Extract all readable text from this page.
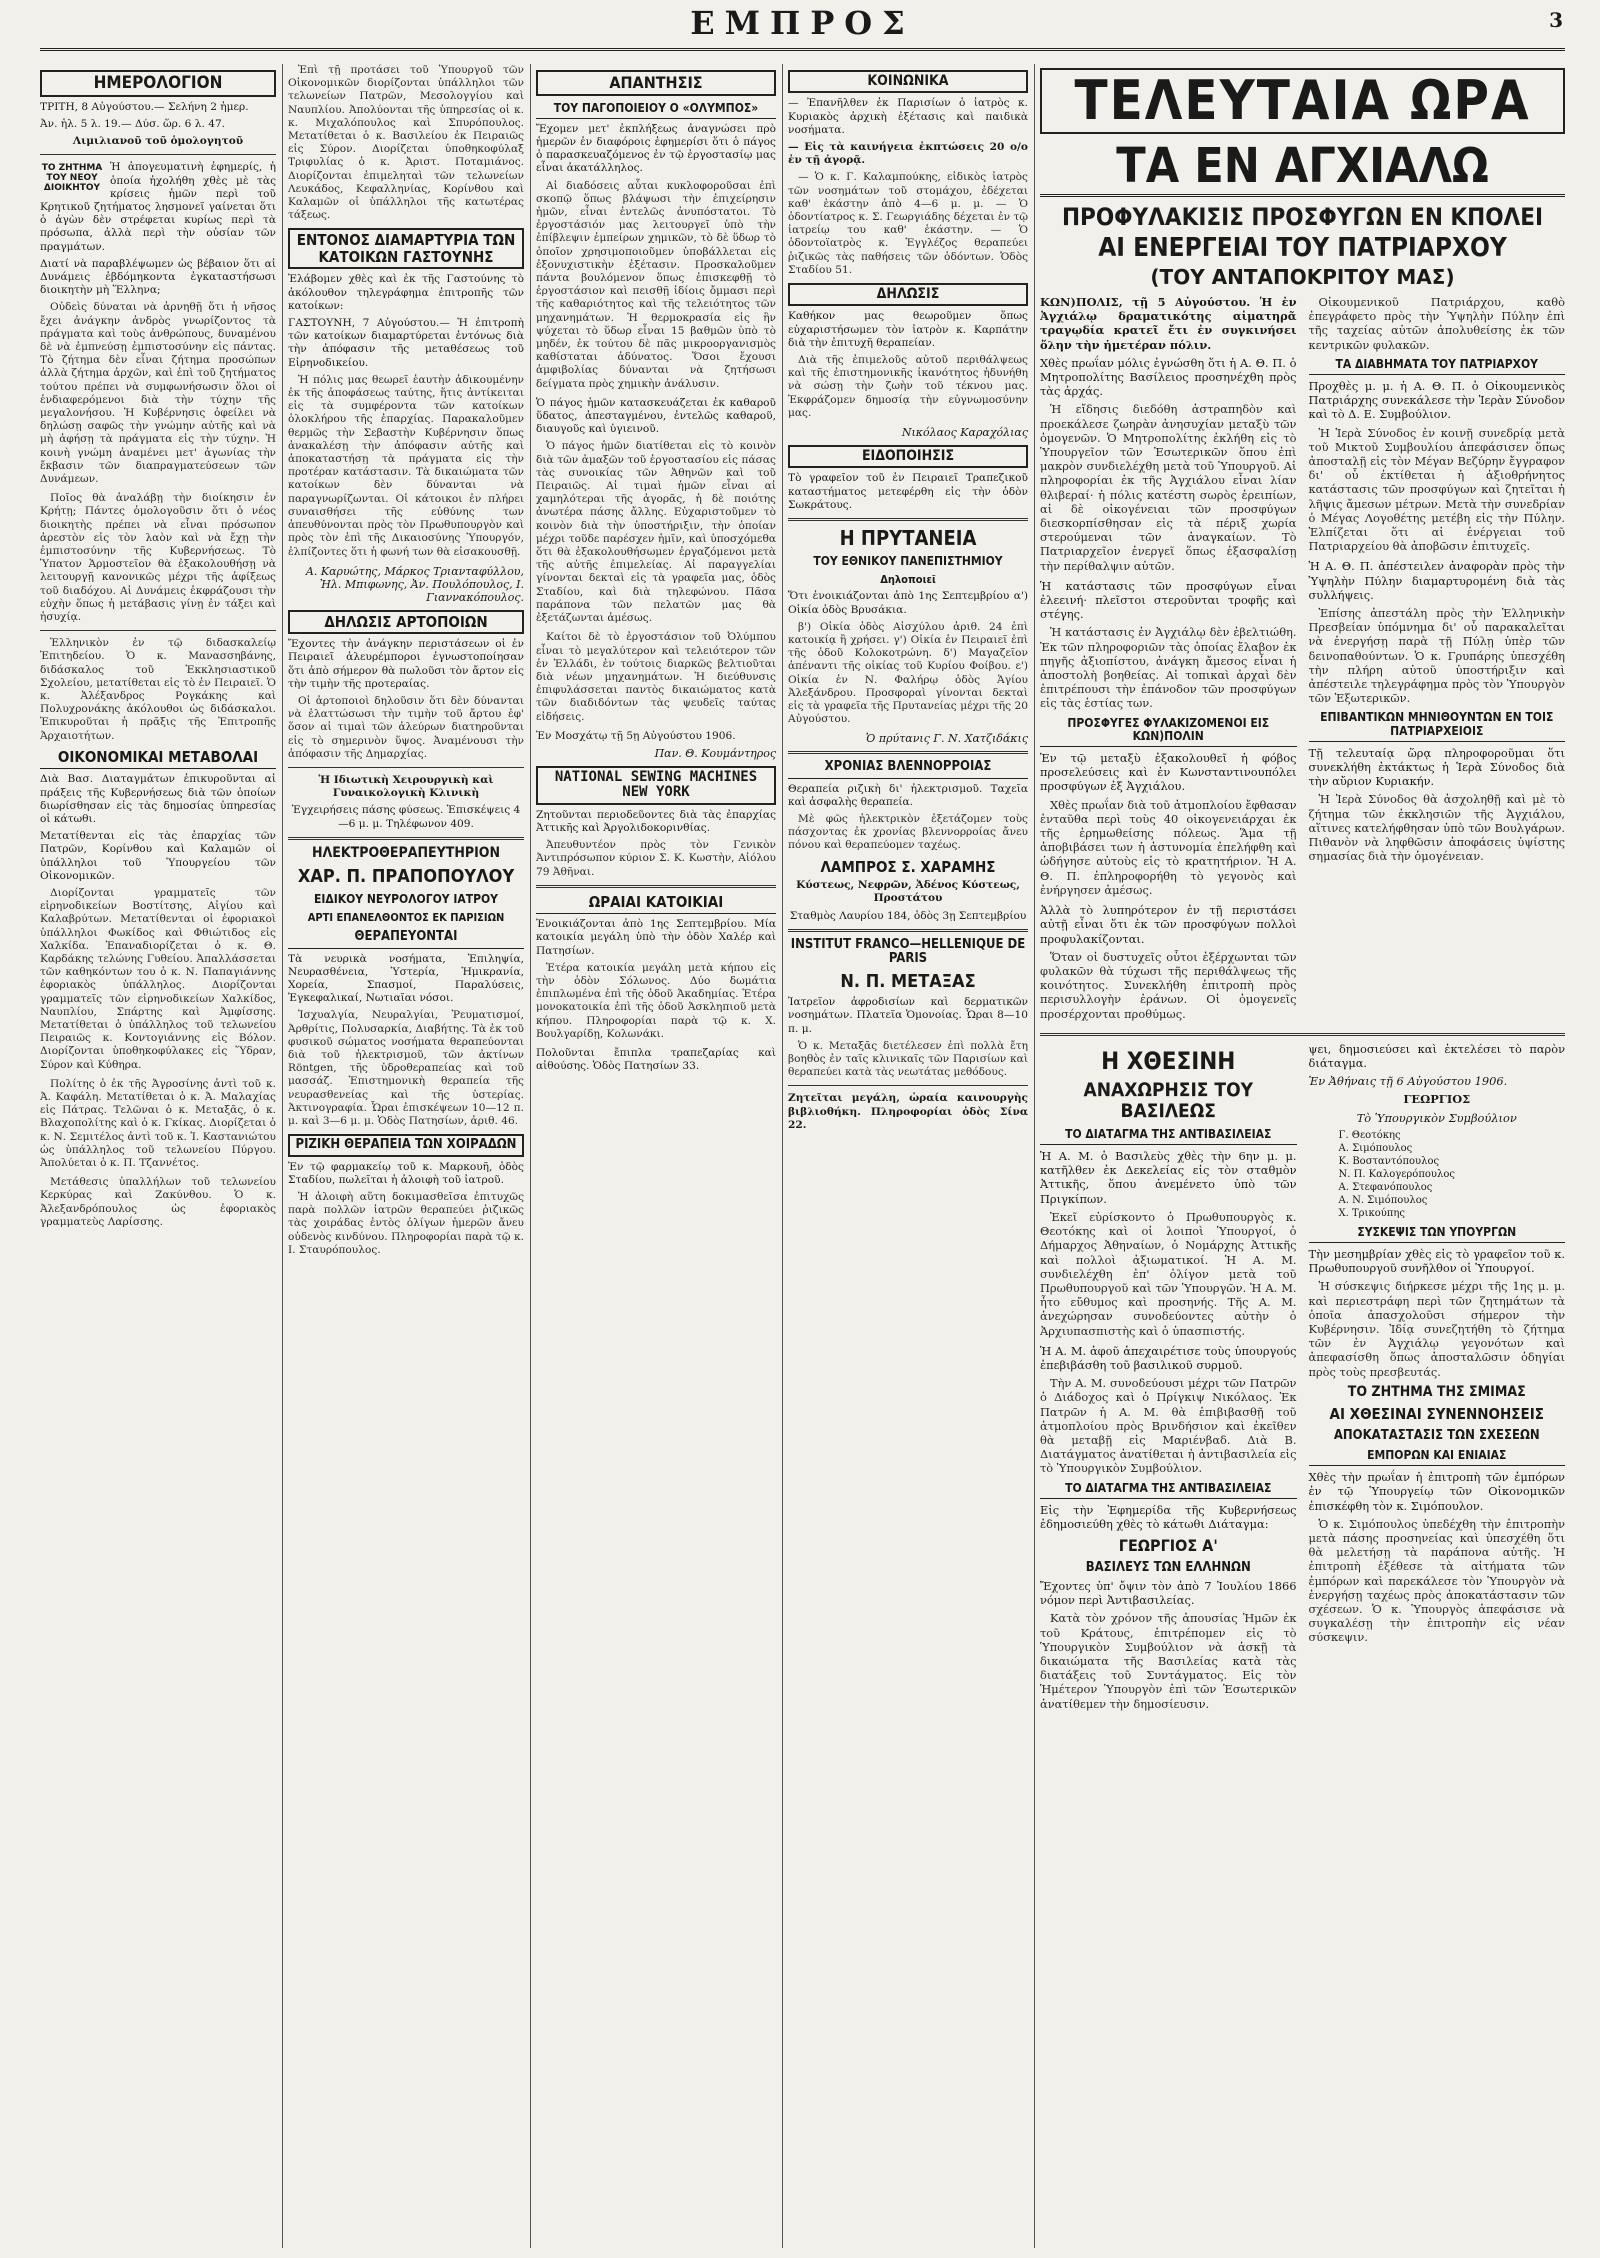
ΕΜΠΡΟΣ	3
ΗΜΕΡΟΛΟΓΙΟΝ

ΤΡΙΤΗ, 8 Αὐγούστου.— Σελήνη 2 ἡμερ.

Ἀν. ἡλ. 5 λ. 19.— Δύσ. ὥρ. 6 λ. 47.

Λιμιλιανοῦ τοῦ ὁμολογητοῦ

ΤΟ ΖΗΤΗΜΑ ΤΟΥ ΝΕΟΥ ΔΙΟΙΚΗΤΟΥ

Ἡ ἀπογευματινὴ ἐφημερίς, ἡ ὁποία ἠχολήθη χθὲς μὲ τὰς κρίσεις ἡμῶν περὶ τοῦ Κρητικοῦ ζητήματος λησμονεῖ γαίνεται ὅτι ὁ ἀγὼν δὲν στρέφεται κυρίως περὶ τὰ πρόσωπα, ἀλλὰ περὶ τὴν οὐσίαν τῶν πραγμάτων.

Διατί νὰ παραβλέψωμεν ὡς βέβαιον ὅτι αἱ Δυνάμεις ἐβδόμηκοντα ἐγκαταστήσωσι διοικητὴν μὴ Ἕλληνα;

Οὐδεὶς δύναται νὰ ἀρνηθῇ ὅτι ἡ νῆσος ἔχει ἀνάγκην ἀνδρὸς γνωρίζοντος τὰ πράγματα καὶ τοὺς ἀνθρώπους, δυναμένου δὲ νὰ ἐμπνεύσῃ ἐμπιστοσύνην εἰς πάντας. Τὸ ζήτημα δὲν εἶναι ζήτημα προσώπων ἀλλὰ ζήτημα ἀρχῶν, καὶ ἐπὶ τοῦ ζητήματος τούτου πρέπει νὰ συμφωνήσωσιν ὅλοι οἱ ἐνδιαφερόμενοι διὰ τὴν τύχην τῆς μεγαλονήσου. Ἡ Κυβέρνησις ὀφείλει νὰ δηλώσῃ σαφῶς τὴν γνώμην αὐτῆς καὶ νὰ μὴ ἀφήσῃ τὰ πράγματα εἰς τὴν τύχην. Ἡ κοινὴ γνώμη ἀναμένει μετ' ἀγωνίας τὴν ἔκβασιν τῶν διαπραγματεύσεων τῶν Δυνάμεων.

Ποῖος θὰ ἀναλάβῃ τὴν διοίκησιν ἐν Κρήτῃ; Πάντες ὁμολογοῦσιν ὅτι ὁ νέος διοικητὴς πρέπει νὰ εἶναι πρόσωπον ἀρεστὸν εἰς τὸν λαὸν καὶ νὰ ἔχῃ τὴν ἐμπιστοσύνην τῆς Κυβερνήσεως. Τὸ Ὑπατον Ἁρμοστεῖον θὰ ἐξακολουθήσῃ νὰ λειτουργῇ κανονικῶς μέχρι τῆς ἀφίξεως τοῦ διαδόχου. Αἱ Δυνάμεις ἐκφράζουσι τὴν εὐχὴν ὅπως ἡ μετάβασις γίνῃ ἐν τάξει καὶ ἡσυχίᾳ.

Ἐλληνικὸν ἐν τῷ διδασκαλείῳ Ἐπιτηδείου. Ὁ κ. Μανασσηβάνης, διδάσκαλος τοῦ Ἐκκλησιαστικοῦ Σχολείου, μετατίθεται εἰς τὸ ἐν Πειραιεῖ. Ὁ κ. Ἀλέξανδρος Ρογκάκης καὶ Πολυχρονάκης ἀκόλουθοι ὡς διδάσκαλοι. Ἐπικυροῦται ἡ πρᾶξις τῆς Ἐπιτροπῆς Ἀρχαιοτήτων.

ΟΙΚΟΝΟΜΙΚΑΙ ΜΕΤΑΒΟΛΑΙ

Διὰ Βασ. Διαταγμάτων ἐπικυροῦνται αἱ πράξεις τῆς Κυβερνήσεως διὰ τῶν ὁποίων διωρίσθησαν εἰς τὰς δημοσίας ὑπηρεσίας οἱ κάτωθι.

Μετατίθενται εἰς τὰς ἐπαρχίας τῶν Πατρῶν, Κορίνθου καὶ Καλαμῶν οἱ ὑπάλληλοι τοῦ Ὑπουργείου τῶν Οἰκονομικῶν.

Διορίζονται γραμματεῖς τῶν εἰρηνοδικείων Βοστίτσης, Αἰγίου καὶ Καλαβρύτων. Μετατίθενται οἱ ἐφοριακοὶ ὑπάλληλοι Φωκίδος καὶ Φθιώτιδος εἰς Χαλκίδα. Ἐπαναδιορίζεται ὁ κ. Θ. Καρδάκης τελώνης Γυθείου. Ἀπαλλάσσεται τῶν καθηκόντων του ὁ κ. Ν. Παπαγιάννης ἐφοριακὸς ὑπάλληλος. Διορίζονται γραμματεῖς τῶν εἰρηνοδικείων Χαλκίδος, Ναυπλίου, Σπάρτης καὶ Ἀμφίσσης. Μετατίθεται ὁ ὑπάλληλος τοῦ τελωνείου Πειραιῶς κ. Κοντογιάννης εἰς Βόλον. Διορίζονται ὑποθηκοφύλακες εἰς Ὕδραν, Σύρον καὶ Κύθηρα.

Πολίτης ὁ ἐκ τῆς Ἀγροσίνης ἀντὶ τοῦ κ. Ἀ. Καφάλη. Μετατίθεται ὁ κ. Ἀ. Μαλαχίας εἰς Πάτρας. Τελῶναι ὁ κ. Μεταξᾶς, ὁ κ. Βλαχοπολίτης καὶ ὁ κ. Γκίκας. Διορίζεται ὁ κ. Ν. Σεμιτέλος ἀντὶ τοῦ κ. Ἰ. Καστανιώτου ὡς ὑπάλληλος τοῦ τελωνείου Πύργου. Ἀπολύεται ὁ κ. Π. Τζαννέτος.

Μετάθεσις ὑπαλλήλων τοῦ τελωνείου Κερκύρας καὶ Ζακύνθου. Ὁ κ. Ἀλεξανδρόπουλος ὡς ἐφοριακὸς γραμματεὺς Λαρίσσης.

Ἐπὶ τῇ προτάσει τοῦ Ὑπουργοῦ τῶν Οἰκονομικῶν διορίζονται ὑπάλληλοι τῶν τελωνείων Πατρῶν, Μεσολογγίου καὶ Ναυπλίου. Ἀπολύονται τῆς ὑπηρεσίας οἱ κ. κ. Μιχαλόπουλος καὶ Σπυρόπουλος. Μετατίθεται ὁ κ. Βασιλείου ἐκ Πειραιῶς εἰς Σύρον. Διορίζεται ὑποθηκοφύλαξ Τριφυλίας ὁ κ. Ἀριστ. Ποταμιάνος. Διορίζονται ἐπιμεληταὶ τῶν τελωνείων Λευκάδος, Κεφαλληνίας, Κορίνθου καὶ Καλαμῶν οἱ ὑπάλληλοι τῆς κατωτέρας τάξεως.

ΕΝΤΟΝΟΣ ΔΙΑΜΑΡΤΥΡΙΑ ΤΩΝ ΚΑΤΟΙΚΩΝ ΓΑΣΤΟΥΝΗΣ

Ἐλάβομεν χθὲς καὶ ἐκ τῆς Γαστούνης τὸ ἀκόλουθον τηλεγράφημα ἐπιτροπῆς τῶν κατοίκων:

ΓΑΣΤΟΥΝΗ, 7 Αὐγούστου.— Ἡ ἐπιτροπὴ τῶν κατοίκων διαμαρτύρεται ἐντόνως διὰ τὴν ἀπόφασιν τῆς μεταθέσεως τοῦ Εἰρηνοδικείου.

Ἡ πόλις μας θεωρεῖ ἑαυτὴν ἀδικουμένην ἐκ τῆς ἀποφάσεως ταύτης, ἥτις ἀντίκειται εἰς τὰ συμφέροντα τῶν κατοίκων ὁλοκλήρου τῆς ἐπαρχίας. Παρακαλοῦμεν θερμῶς τὴν Σεβαστὴν Κυβέρνησιν ὅπως ἀνακαλέσῃ τὴν ἀπόφασιν αὐτῆς καὶ ἀποκαταστήσῃ τὰ πράγματα εἰς τὴν προτέραν κατάστασιν. Τὰ δικαιώματα τῶν κατοίκων δὲν δύνανται νὰ παραγνωρίζωνται. Οἱ κάτοικοι ἐν πλήρει συναισθήσει τῆς εὐθύνης των ἀπευθύνονται πρὸς τὸν Πρωθυπουργὸν καὶ πρὸς τὸν ἐπὶ τῆς Δικαιοσύνης Ὑπουργόν, ἐλπίζοντες ὅτι ἡ φωνή των θὰ εἰσακουσθῇ.

Α. Καρυώτης, Μάρκος Τριανταφύλλου, Ἠλ. Μπιφωνης, Ἀν. Πουλόπουλος, Ι. Γιαννακόπουλος.

ΔΗΛΩΣΙΣ ΑΡΤΟΠΟΙΩΝ

Ἔχοντες τὴν ἀνάγκην περιστάσεων οἱ ἐν Πειραιεῖ ἀλευρέμποροι ἐγνωστοποίησαν ὅτι ἀπὸ σήμερον θὰ πωλοῦσι τὸν ἄρτον εἰς τὴν τιμὴν τῆς προτεραίας.

Οἱ ἀρτοποιοὶ δηλοῦσιν ὅτι δὲν δύνανται νὰ ἐλαττώσωσι τὴν τιμὴν τοῦ ἄρτου ἐφ' ὅσον αἱ τιμαὶ τῶν ἀλεύρων διατηροῦνται εἰς τὸ σημερινὸν ὕψος. Ἀναμένουσι τὴν ἀπόφασιν τῆς Δημαρχίας.

Ἡ Ιδιωτικὴ Χειρουργικὴ καὶ Γυναικολογικὴ Κλινικὴ

Ἐγχειρήσεις πάσης φύσεως. Ἐπισκέψεις 4—6 μ. μ. Τηλέφωνον 409.

ΗΛΕΚΤΡΟΘΕΡΑΠΕΥΤΗΡΙΟΝ
ΧΑΡ. Π. ΠΡΑΠΟΠΟΥΛΟΥ
ΕΙΔΙΚΟΥ ΝΕΥΡΟΛΟΓΟΥ ΙΑΤΡΟΥ
ΑΡΤΙ ΕΠΑΝΕΛΘΟΝΤΟΣ ΕΚ ΠΑΡΙΣΙΩΝ
ΘΕΡΑΠΕΥΟΝΤΑΙ

Τὰ νευρικὰ νοσήματα, Ἐπιληψία, Νευρασθένεια, Ὑστερία, Ἡμικρανία, Χορεία, Σπασμοί, Παραλύσεις, Ἐγκεφαλικαί, Νωτιαῖαι νόσοι.

Ἰσχυαλγία, Νευραλγίαι, Ῥευματισμοί, Ἀρθρίτις, Πολυσαρκία, Διαβήτης. Τὰ ἐκ τοῦ φυσικοῦ σώματος νοσήματα θεραπεύονται διὰ τοῦ ἠλεκτρισμοῦ, τῶν ἀκτίνων Röntgen, τῆς ὑδροθεραπείας καὶ τοῦ μασσάζ. Ἐπιστημονικὴ θεραπεία τῆς νευρασθενείας καὶ τῆς ὑστερίας. Ἀκτινογραφία. Ὧραι ἐπισκέψεων 10—12 π. μ. καὶ 3—6 μ. μ. Ὁδὸς Πατησίων, ἀριθ. 46.

ΡΙΖΙΚΗ ΘΕΡΑΠΕΙΑ ΤΩΝ ΧΟΙΡΑΔΩΝ

Ἐν τῷ φαρμακείῳ τοῦ κ. Μαρκουῆ, ὁδὸς Σταδίου, πωλεῖται ἡ ἀλοιφὴ τοῦ ἰατροῦ.

Ἡ ἀλοιφὴ αὕτη δοκιμασθεῖσα ἐπιτυχῶς παρὰ πολλῶν ἰατρῶν θεραπεύει ῥιζικῶς τὰς χοιράδας ἐντὸς ὀλίγων ἡμερῶν ἄνευ οὐδενὸς κινδύνου. Πληροφορίαι παρὰ τῷ κ. Ι. Σταυρόπουλος.

ΑΠΑΝΤΗΣΙΣ
ΤΟΥ ΠΑΓΟΠΟΙΕΙΟΥ Ο «ΟΛΥΜΠΟΣ»

Ἔχομεν μετ' ἐκπλήξεως ἀναγνώσει πρὸ ἡμερῶν ἐν διαφόροις ἐφημερίσι ὅτι ὁ πάγος ὁ παρασκευαζόμενος ἐν τῷ ἐργοστασίῳ μας εἶναι ἀκατάλληλος.

Αἱ διαδόσεις αὗται κυκλοφοροῦσαι ἐπὶ σκοπῷ ὅπως βλάψωσι τὴν ἐπιχείρησιν ἡμῶν, εἶναι ἐντελῶς ἀνυπόστατοι. Τὸ ἐργοστάσιόν μας λειτουργεῖ ὑπὸ τὴν ἐπίβλεψιν ἐμπείρων χημικῶν, τὸ δὲ ὕδωρ τὸ ὁποῖον χρησιμοποιοῦμεν ὑποβάλλεται εἰς ἐξονυχιστικὴν ἐξέτασιν. Προσκαλοῦμεν πάντα βουλόμενον ὅπως ἐπισκεφθῇ τὸ ἐργοστάσιον καὶ πεισθῇ ἰδίοις ὄμμασι περὶ τῆς καθαριότητος καὶ τῆς τελειότητος τῶν μηχανημάτων. Ἡ θερμοκρασία εἰς ἣν ψύχεται τὸ ὕδωρ εἶναι 15 βαθμῶν ὑπὸ τὸ μηδέν, ἐκ τούτου δὲ πᾶς μικροοργανισμὸς καθίσταται ἀδύνατος. Ὅσοι ἔχουσι ἀμφιβολίας δύνανται νὰ ζητήσωσι δείγματα πρὸς χημικὴν ἀνάλυσιν.

Ὁ πάγος ἡμῶν κατασκευάζεται ἐκ καθαροῦ ὕδατος, ἀπεσταγμένου, ἐντελῶς καθαροῦ, διαυγοῦς καὶ ὑγιεινοῦ.

Ὁ πάγος ἡμῶν διατίθεται εἰς τὸ κοινὸν διὰ τῶν ἁμαξῶν τοῦ ἐργοστασίου εἰς πάσας τὰς συνοικίας τῶν Ἀθηνῶν καὶ τοῦ Πειραιῶς. Αἱ τιμαὶ ἡμῶν εἶναι αἱ χαμηλότεραι τῆς ἀγορᾶς, ἡ δὲ ποιότης ἀνωτέρα πάσης ἄλλης. Εὐχαριστοῦμεν τὸ κοινὸν διὰ τὴν ὑποστήριξιν, τὴν ὁποίαν μέχρι τοῦδε παρέσχεν ἡμῖν, καὶ ὑποσχόμεθα ὅτι θὰ ἐξακολουθήσωμεν ἐργαζόμενοι μετὰ τῆς αὐτῆς ἐπιμελείας. Αἱ παραγγελίαι γίνονται δεκταὶ εἰς τὰ γραφεῖα μας, ὁδὸς Σταδίου, καὶ διὰ τηλεφώνου. Πᾶσα παράπονα τῶν πελατῶν μας θὰ ἐξετάζωνται ἀμέσως.

Καίτοι δὲ τὸ ἐργοστάσιον τοῦ Ὀλύμπου εἶναι τὸ μεγαλύτερον καὶ τελειότερον τῶν ἐν Ἑλλάδι, ἐν τούτοις διαρκῶς βελτιοῦται διὰ νέων μηχανημάτων. Ἡ διεύθυνσις ἐπιφυλάσσεται παντὸς δικαιώματος κατὰ τῶν διαδιδόντων τὰς ψευδεῖς ταύτας εἰδήσεις.

Ἐν Μοσχάτῳ τῇ 5ῃ Αὐγούστου 1906.

Παν. Θ. Κουμάντηρος

NATIONAL SEWING MACHINES NEW YORK

Ζητοῦνται περιοδεῦοντες διὰ τὰς ἐπαρχίας Ἀττικῆς καὶ Ἀργολιδοκορινθίας.

Ἀπευθυντέον πρὸς τὸν Γενικὸν Ἀντιπρόσωπον κύριον Σ. Κ. Κωστὴν, Αἰόλου 79 Ἀθῆναι.

ΩΡΑΙΑΙ ΚΑΤΟΙΚΙΑΙ

Ἐνοικιάζονται ἀπὸ 1ης Σεπτεμβρίου. Μία κατοικία μεγάλη ὑπὸ τὴν ὁδὸν Χαλέρ καὶ Πατησίων.

Ἑτέρα κατοικία μεγάλη μετὰ κήπου εἰς τὴν ὁδὸν Σόλωνος. Δύο δωμάτια ἐπιπλωμένα ἐπὶ τῆς ὁδοῦ Ἀκαδημίας. Ἑτέρα μονοκατοικία ἐπὶ τῆς ὁδοῦ Ἀσκληπιοῦ μετὰ κήπου. Πληροφορίαι παρὰ τῷ κ. Χ. Βουλγαρίδῃ, Κολωνάκι.

Πολοῦνται ἔπιπλα τραπεζαρίας καὶ αἰθούσης. Ὁδὸς Πατησίων 33.

ΚΟΙΝΩΝΙΚΑ

— Ἐπανῆλθεν ἐκ Παρισίων ὁ ἰατρὸς κ. Κυριακὸς ἀρχικὴ ἐξέτασις καὶ παιδικὰ νοσήματα.

— Εἰς τὰ καινήγεια ἐκπτώσεις 20 ο/ο ἐν τῇ ἀγορᾷ.

— Ὁ κ. Γ. Καλαμπούκης, εἰδικὸς ἰατρὸς τῶν νοσημάτων τοῦ στομάχου, ἐδέχεται καθ' ἑκάστην ἀπὸ 4—6 μ. μ. — Ὁ ὀδοντίατρος κ. Σ. Γεωργιάδης δέχεται ἐν τῷ ἰατρείῳ του καθ' ἑκάστην. — Ὁ ὀδοντοϊατρὸς κ. Ἐγγλέζος θεραπεύει ῥιζικῶς τὰς παθήσεις τῶν ὀδόντων. Ὁδὸς Σταδίου 51.

ΔΗΛΩΣΙΣ

Καθήκον μας θεωροῦμεν ὅπως εὐχαριστήσωμεν τὸν ἰατρὸν κ. Καρπάτην διὰ τὴν ἐπιτυχῆ θεραπείαν.

Διὰ τῆς ἐπιμελοῦς αὐτοῦ περιθάλψεως καὶ τῆς ἐπιστημονικῆς ἱκανότητος ἠδυνήθη νὰ σώσῃ τὴν ζωὴν τοῦ τέκνου μας. Ἐκφράζομεν δημοσίᾳ τὴν εὐγνωμοσύνην μας.

Νικόλαος Καραχόλιας

ΕΙΔΟΠΟΙΗΣΙΣ

Τὸ γραφεῖον τοῦ ἐν Πειραιεῖ Τραπεζικοῦ καταστήματος μετεφέρθη εἰς τὴν ὁδὸν Σωκράτους.

Η ΠΡΥΤΑΝΕΙΑ
ΤΟΥ ΕΘΝΙΚΟΥ ΠΑΝΕΠΙΣΤΗΜΙΟΥ
Δηλοποιεῖ

Ὅτι ἐνοικιάζονται ἀπὸ 1ης Σεπτεμβρίου α') Οἰκία ὁδὸς Βρυσάκια.

β') Οἰκία ὁδὸς Αἰσχύλου ἀριθ. 24 ἐπὶ κατοικίᾳ ἢ χρήσει. γ') Οἰκία ἐν Πειραιεῖ ἐπὶ τῆς ὁδοῦ Κολοκοτρώνη. δ') Μαγαζεῖον ἀπέναντι τῆς οἰκίας τοῦ Κυρίου Φοίβου. ε') Οἰκία ἐν Ν. Φαλήρῳ ὁδὸς Ἁγίου Ἀλεξάνδρου. Προσφοραὶ γίνονται δεκταὶ εἰς τὰ γραφεῖα τῆς Πρυτανείας μέχρι τῆς 20 Αὐγούστου.

Ὁ πρύτανις Γ. Ν. Χατζιδάκις

ΧΡΟΝΙΑΣ ΒΛΕΝΝΟΡΡΟΙΑΣ

Θεραπεία ριζικὴ δι' ἠλεκτρισμοῦ. Ταχεῖα καὶ ἀσφαλὴς θεραπεία.

Μὲ φῶς ἠλεκτρικὸν ἐξετάζομεν τοὺς πάσχοντας ἐκ χρονίας βλεννορροίας ἄνευ πόνου καὶ θεραπεύομεν ταχέως.

ΛΑΜΠΡΟΣ Σ. ΧΑΡΑΜΗΣ

Κύστεως, Νεφρῶν, Ἀδένος Κύστεως, Προστάτου

Σταθμὸς Λαυρίου 184, ὁδὸς 3ῃ Σεπτεμβρίου

INSTITUT FRANCO—HELLENIQUE DE PARIS
Ν. Π. ΜΕΤΑΞΑΣ

Ἰατρεῖον ἀφροδισίων καὶ δερματικῶν νοσημάτων. Πλατεῖα Ὁμονοίας. Ὧραι 8—10 π. μ.

Ὁ κ. Μεταξᾶς διετέλεσεν ἐπὶ πολλὰ ἔτη βοηθὸς ἐν ταῖς κλινικαῖς τῶν Παρισίων καὶ θεραπεύει κατὰ τὰς νεωτάτας μεθόδους.

Ζητεῖται μεγάλη, ὡραία καινουργὴς βιβλιοθήκη. Πληροφορίαι ὁδὸς Σίνα 22.

ΤΕΛΕΥΤΑΙΑ ΩΡΑ
ΤΑ ΕΝ ΑΓΧΙΑΛΩ
ΠΡΟΦΥΛΑΚΙΣΙΣ ΠΡΟΣΦΥΓΩΝ ΕΝ ΚΠΟΛΕΙ
ΑΙ ΕΝΕΡΓΕΙΑΙ ΤΟΥ ΠΑΤΡΙΑΡΧΟΥ
(ΤΟΥ ΑΝΤΑΠΟΚΡΙΤΟΥ ΜΑΣ)

ΚΩΝ)ΠΟΛΙΣ, τῇ 5 Αὐγούστου. Ἡ ἐν Ἀγχιάλῳ δραματικότης αἱματηρᾶ τραγῳδία κρατεῖ ἔτι ἐν συγκινήσει ὅλην τὴν ἡμετέραν πόλιν.

Χθὲς πρωΐαν μόλις ἐγνώσθη ὅτι ἡ Α. Θ. Π. ὁ Μητροπολίτης Βασίλειος προσηνέχθη πρὸς τὰς ἀρχάς.

Ἡ εἴδησις διεδόθη ἀστραπηδὸν καὶ προεκάλεσε ζωηρὰν ἀνησυχίαν μεταξὺ τῶν ὁμογενῶν. Ὁ Μητροπολίτης ἐκλήθη εἰς τὸ Ὑπουργεῖον τῶν Ἐσωτερικῶν ὅπου ἐπὶ μακρὸν συνδιελέχθη μετὰ τοῦ Ὑπουργοῦ. Αἱ πληροφορίαι ἐκ τῆς Ἀγχιάλου εἶναι λίαν θλιβεραί· ἡ πόλις κατέστη σωρὸς ἐρειπίων, αἱ δὲ οἰκογένειαι τῶν προσφύγων διεσκορπίσθησαν εἰς τὰ πέριξ χωρία στερούμεναι τῶν ἀναγκαίων. Τὸ Πατριαρχεῖον ἐνεργεῖ ὅπως ἐξασφαλίσῃ τὴν περίθαλψιν αὐτῶν.

Ἡ κατάστασις τῶν προσφύγων εἶναι ἐλεεινή· πλεῖστοι στεροῦνται τροφῆς καὶ στέγης.

Ἡ κατάστασις ἐν Ἀγχιάλῳ δὲν ἐβελτιώθη. Ἐκ τῶν πληροφοριῶν τὰς ὁποίας ἔλαβον ἐκ πηγῆς ἀξιοπίστου, ἀνάγκη ἄμεσος εἶναι ἡ ἀποστολὴ βοηθείας. Αἱ τοπικαὶ ἀρχαὶ δὲν ἐπιτρέπουσι τὴν ἐπάνοδον τῶν προσφύγων εἰς τὰς ἑστίας των.

ΠΡΟΣΦΥΓΕΣ ΦΥΛΑΚΙΖΟΜΕΝΟΙ ΕΙΣ ΚΩΝ)ΠΟΛΙΝ

Ἐν τῷ μεταξὺ ἐξακολουθεῖ ἡ φόβος προσελεύσεις καὶ ἐν Κωνσταντινουπόλει προσφύγων ἐξ Ἀγχιάλου.

Χθὲς πρωΐαν διὰ τοῦ ἀτμοπλοίου ἔφθασαν ἐνταῦθα περὶ τοὺς 40 οἰκογενειάρχαι ἐκ τῆς ἐρημωθείσης πόλεως. Ἅμα τῇ ἀποβιβάσει των ἡ ἀστυνομία ἐπελήφθη καὶ ὡδήγησε αὐτοὺς εἰς τὸ κρατητήριον. Ἡ Α. Θ. Π. ἐπληροφορήθη τὸ γεγονὸς καὶ ἐνήργησεν ἀμέσως.

Ἀλλὰ τὸ λυπηρότερον ἐν τῇ περιστάσει αὐτῇ εἶναι ὅτι ἐκ τῶν προσφύγων πολλοὶ προφυλακίζονται.

Ὅταν οἱ δυστυχεῖς οὗτοι ἐξέρχωνται τῶν φυλακῶν θὰ τύχωσι τῆς περιθάλψεως τῆς κοινότητος. Συνεκλήθη ἐπιτροπὴ πρὸς περισυλλογὴν ἐράνων. Οἱ ὁμογενεῖς προσέρχονται προθύμως.

Οἰκουμενικοῦ Πατριάρχου, καθὸ ἐπεγράφετο πρὸς τὴν Ὑψηλὴν Πύλην ἐπὶ τῆς ταχείας αὐτῶν ἀπολυθείσης ἐκ τῶν κεντρικῶν φυλακῶν.

ΤΑ ΔΙΑΒΗΜΑΤΑ ΤΟΥ ΠΑΤΡΙΑΡΧΟΥ

Προχθὲς μ. μ. ἡ Α. Θ. Π. ὁ Οἰκουμενικὸς Πατριάρχης συνεκάλεσε τὴν Ἱερὰν Σύνοδον καὶ τὸ Δ. Ε. Συμβούλιον.

Ἡ Ἱερὰ Σύνοδος ἐν κοινῇ συνεδρίᾳ μετὰ τοῦ Μικτοῦ Συμβουλίου ἀπεφάσισεν ὅπως ἀποσταλῇ εἰς τὸν Μέγαν Βεζύρην ἔγγραφον δι' οὗ ἐκτίθεται ἡ ἀξιοθρήνητος κατάστασις τῶν προσφύγων καὶ ζητεῖται ἡ λῆψις ἄμεσων μέτρων. Μετὰ τὴν συνεδρίαν ὁ Μέγας Λογοθέτης μετέβη εἰς τὴν Πύλην. Ἐλπίζεται ὅτι αἱ ἐνέργειαι τοῦ Πατριαρχείου θὰ ἀποβῶσιν ἐπιτυχεῖς.

Ἡ Α. Θ. Π. ἀπέστειλεν ἀναφορὰν πρὸς τὴν Ὑψηλὴν Πύλην διαμαρτυρομένη διὰ τὰς συλλήψεις.

Ἐπίσης ἀπεστάλη πρὸς τὴν Ἑλληνικὴν Πρεσβείαν ὑπόμνημα δι' οὗ παρακαλεῖται νὰ ἐνεργήσῃ παρὰ τῇ Πύλῃ ὑπὲρ τῶν δεινοπαθούντων. Ὁ κ. Γρυπάρης ὑπεσχέθη τὴν πλήρη αὐτοῦ ὑποστήριξιν καὶ ἀπέστειλε τηλεγράφημα πρὸς τὸν Ὑπουργὸν τῶν Ἐξωτερικῶν.

ΕΠΙΒΑΝΤΙΚΩΝ ΜΗΝΙΘΟΥΝΤΩΝ ΕΝ ΤΟΙΣ ΠΑΤΡΙΑΡΧΕΙΟΙΣ

Τῇ τελευταίᾳ ὥρᾳ πληροφοροῦμαι ὅτι συνεκλήθη ἐκτάκτως ἡ Ἱερὰ Σύνοδος διὰ τὴν αὔριον Κυριακήν.

Ἡ Ἱερὰ Σύνοδος θὰ ἀσχοληθῇ καὶ μὲ τὸ ζήτημα τῶν ἐκκλησιῶν τῆς Ἀγχιάλου, αἵτινες κατελήφθησαν ὑπὸ τῶν Βουλγάρων. Πιθανὸν νὰ ληφθῶσιν ἀποφάσεις ὑψίστης σημασίας διὰ τὴν ὁμογένειαν.

Η ΧΘΕΣΙΝΗ
ΑΝΑΧΩΡΗΣΙΣ ΤΟΥ ΒΑΣΙΛΕΩΣ
ΤΟ ΔΙΑΤΑΓΜΑ ΤΗΣ ΑΝΤΙΒΑΣΙΛΕΙΑΣ

Ἡ Α. Μ. ὁ Βασιλεὺς χθὲς τὴν 6ην μ. μ. κατῆλθεν ἐκ Δεκελείας εἰς τὸν σταθμὸν Ἀττικῆς, ὅπου ἀνεμένετο ὑπὸ τῶν Πριγκίπων.

Ἐκεῖ εὑρίσκοντο ὁ Πρωθυπουργὸς κ. Θεοτόκης καὶ οἱ λοιποὶ Ὑπουργοί, ὁ Δήμαρχος Ἀθηναίων, ὁ Νομάρχης Ἀττικῆς καὶ πολλοὶ ἀξιωματικοί. Ἡ Α. Μ. συνδιελέχθη ἐπ' ὀλίγον μετὰ τοῦ Πρωθυπουργοῦ καὶ τῶν Ὑπουργῶν. Ἡ Α. Μ. ἦτο εὔθυμος καὶ προσηνής. Τῆς Α. Μ. ἀνεχώρησαν συνοδεύοντες αὐτὴν ὁ Ἀρχιυπασπιστὴς καὶ ὁ ὑπασπιστής.

Ἡ Α. Μ. ἀφοῦ ἀπεχαιρέτισε τοὺς ὑπουργούς ἐπεβιβάσθη τοῦ βασιλικοῦ συρμοῦ.

Τὴν Α. Μ. συνοδεύουσι μέχρι τῶν Πατρῶν ὁ Διάδοχος καὶ ὁ Πρίγκιψ Νικόλαος. Ἐκ Πατρῶν ἡ Α. Μ. θὰ ἐπιβιβασθῇ τοῦ ἀτμοπλοίου πρὸς Βρινδήσιον καὶ ἐκεῖθεν θὰ μεταβῇ εἰς Μαριένβαδ. Διὰ Β. Διατάγματος ἀνατίθεται ἡ ἀντιβασιλεία εἰς τὸ Ὑπουργικὸν Συμβούλιον.

ΤΟ ΔΙΑΤΑΓΜΑ ΤΗΣ ΑΝΤΙΒΑΣΙΛΕΙΑΣ

Εἰς τὴν Ἐφημερίδα τῆς Κυβερνήσεως ἐδημοσιεύθη χθὲς τὸ κάτωθι Διάταγμα:

ΓΕΩΡΓΙΟΣ Α'
ΒΑΣΙΛΕΥΣ ΤΩΝ ΕΛΛΗΝΩΝ

Ἔχοντες ὑπ' ὄψιν τὸν ἀπὸ 7 Ἰουλίου 1866 νόμον περὶ Ἀντιβασιλείας.

Κατὰ τὸν χρόνον τῆς ἀπουσίας Ἡμῶν ἐκ τοῦ Κράτους, ἐπιτρέπομεν εἰς τὸ Ὑπουργικὸν Συμβούλιον νὰ ἀσκῇ τὰ δικαιώματα τῆς Βασιλείας κατὰ τὰς διατάξεις τοῦ Συντάγματος. Εἰς τὸν Ἡμέτερον Ὑπουργὸν ἐπὶ τῶν Ἐσωτερικῶν ἀνατίθεμεν τὴν δημοσίευσιν.

ψει, δημοσιεύσει καὶ ἐκτελέσει τὸ παρὸν διάταγμα.

Ἐν Ἀθήναις τῇ 6 Αὐγούστου 1906.

ΓΕΩΡΓΙΟΣ

Τὸ Ὑπουργικὸν Συμβούλιον

Γ. Θεοτόκης
Α. Σιμόπουλος
Κ. Βοσταντόπουλος
Ν. Π. Καλογερόπουλος
Α. Στεφανόπουλος
Α. Ν. Σιμόπουλος
Χ. Τρικούπης
ΣΥΣΚΕΨΙΣ ΤΩΝ ΥΠΟΥΡΓΩΝ

Τὴν μεσημβρίαν χθὲς εἰς τὸ γραφεῖον τοῦ κ. Πρωθυπουργοῦ συνῆλθον οἱ Ὑπουργοί.

Ἡ σύσκεψις διήρκεσε μέχρι τῆς 1ης μ. μ. καὶ περιεστράφη περὶ τῶν ζητημάτων τὰ ὁποῖα ἀπασχολοῦσι σήμερον τὴν Κυβέρνησιν. Ἰδίᾳ συνεζητήθη τὸ ζήτημα τῶν ἐν Ἀγχιάλῳ γεγονότων καὶ ἀπεφασίσθη ὅπως ἀποσταλῶσιν ὁδηγίαι πρὸς τοὺς πρεσβευτάς.

ΤΟ ΖΗΤΗΜΑ ΤΗΣ ΣΜΙΜΑΣ
ΑΙ ΧΘΕΣΙΝΑΙ ΣΥΝΕΝΝΟΗΣΕΙΣ
ΑΠΟΚΑΤΑΣΤΑΣΙΣ ΤΩΝ ΣΧΕΣΕΩΝ
ΕΜΠΟΡΩΝ ΚΑΙ ΕΝΙΑΙΑΣ

Χθὲς τὴν πρωΐαν ἡ ἐπιτροπὴ τῶν ἐμπόρων ἐν τῷ Ὑπουργείῳ τῶν Οἰκονομικῶν ἐπισκέφθη τὸν κ. Σιμόπουλον.

Ὁ κ. Σιμόπουλος ὑπεδέχθη τὴν ἐπιτροπὴν μετὰ πάσης προσηνείας καὶ ὑπεσχέθη ὅτι θὰ μελετήσῃ τὰ παράπονα αὐτῆς. Ἡ ἐπιτροπὴ ἐξέθεσε τὰ αἰτήματα τῶν ἐμπόρων καὶ παρεκάλεσε τὸν Ὑπουργὸν νὰ ἐνεργήσῃ ταχέως πρὸς ἀποκατάστασιν τῶν σχέσεων. Ὁ κ. Ὑπουργὸς ἀπεφάσισε νὰ συγκαλέσῃ τὴν ἐπιτροπὴν εἰς νέαν σύσκεψιν.
